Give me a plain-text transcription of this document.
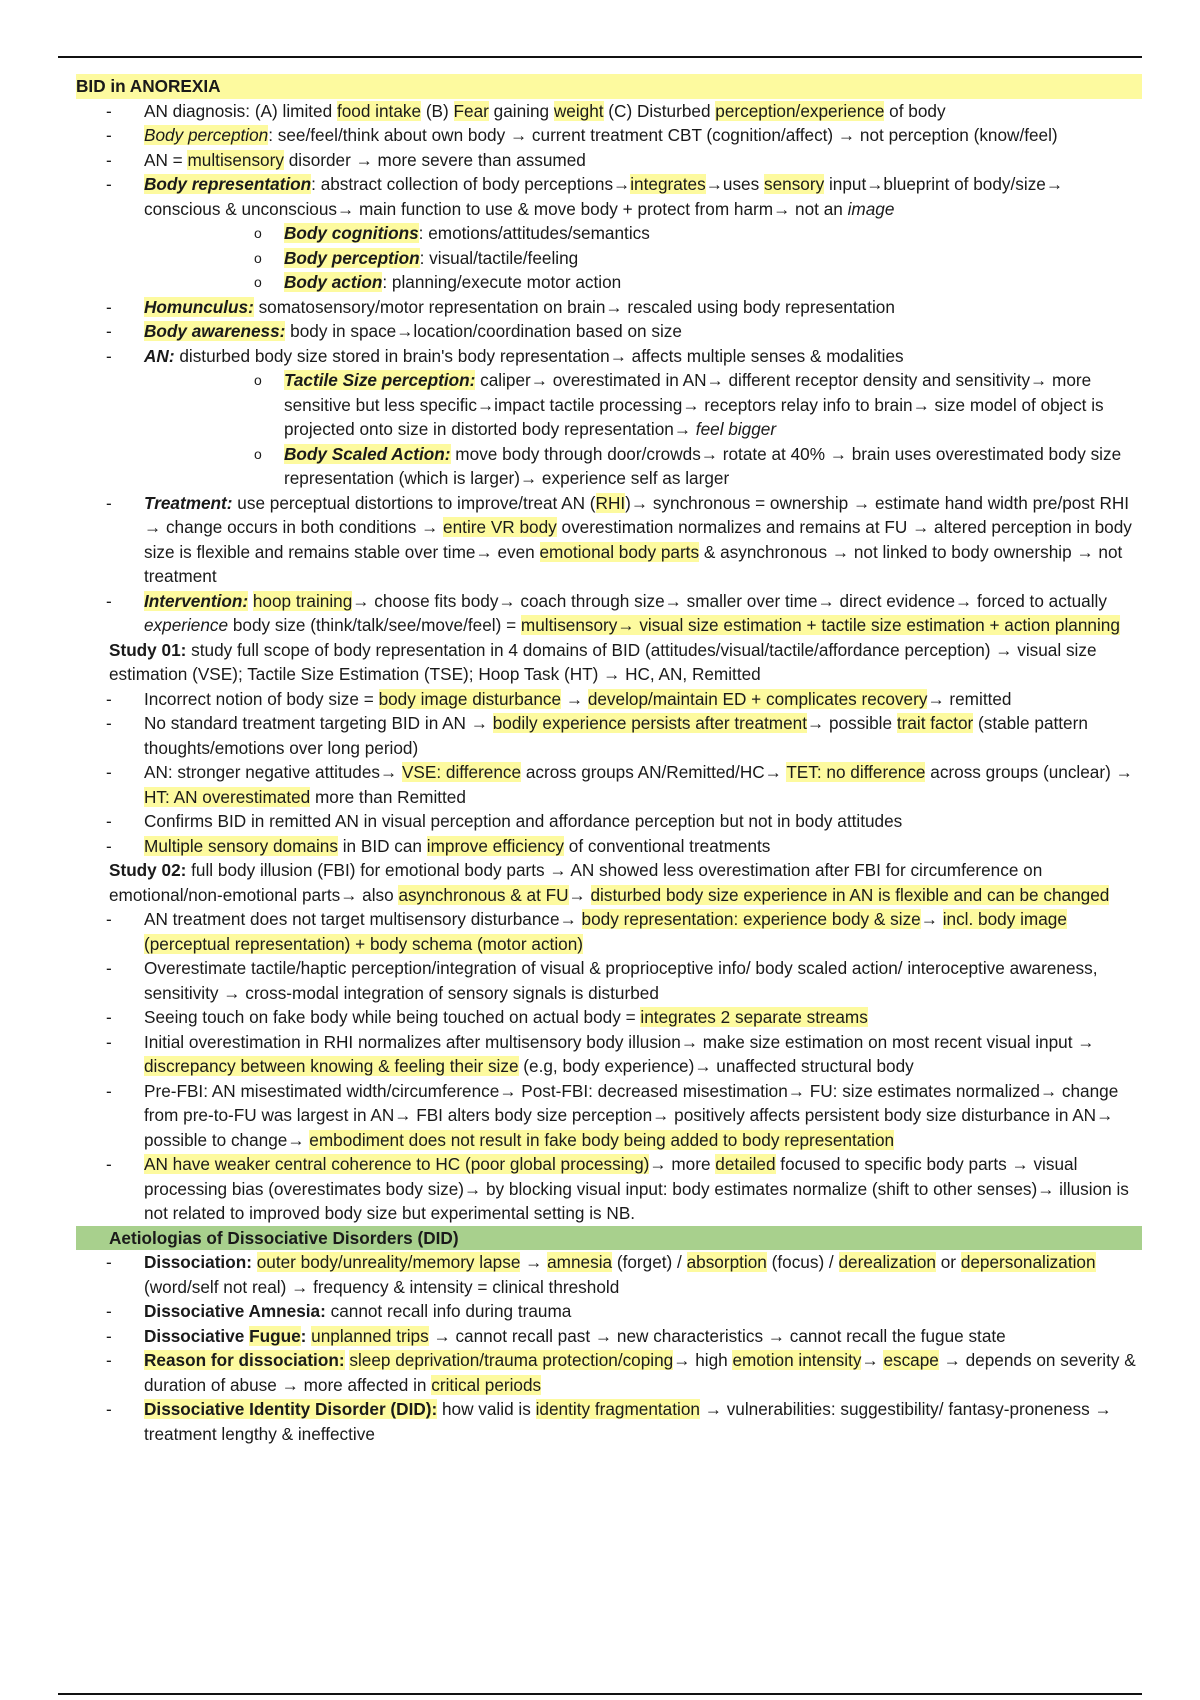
BID in ANOREXIA
- AN diagnosis: (A) limited food intake (B) Fear gaining weight (C) Disturbed perception/experience of body
- Body perception: see/feel/think about own body → current treatment CBT (cognition/affect) → not perception (know/feel)
- AN = multisensory disorder → more severe than assumed
- Body representation: abstract collection of body perceptions→integrates→uses sensory input→blueprint of body/size→ conscious & unconscious→ main function to use & move body + protect from harm→ not an image
o Body cognitions: emotions/attitudes/semantics
o Body perception: visual/tactile/feeling
o Body action: planning/execute motor action
- Homunculus: somatosensory/motor representation on brain→ rescaled using body representation
- Body awareness: body in space→location/coordination based on size
- AN: disturbed body size stored in brain's body representation→ affects multiple senses & modalities
o Tactile Size perception: caliper→ overestimated in AN→ different receptor density and sensitivity→ more sensitive but less specific→impact tactile processing→ receptors relay info to brain→ size model of object is projected onto size in distorted body representation→ feel bigger
o Body Scaled Action: move body through door/crowds→ rotate at 40% → brain uses overestimated body size representation (which is larger)→ experience self as larger
- Treatment: use perceptual distortions to improve/treat AN (RHI)→ synchronous = ownership → estimate hand width pre/post RHI → change occurs in both conditions → entire VR body overestimation normalizes and remains at FU → altered perception in body size is flexible and remains stable over time→ even emotional body parts & asynchronous → not linked to body ownership → not treatment
- Intervention: hoop training→ choose fits body→ coach through size→ smaller over time→ direct evidence→ forced to actually experience body size (think/talk/see/move/feel) = multisensory→ visual size estimation + tactile size estimation + action planning

Study 01: study full scope of body representation in 4 domains of BID (attitudes/visual/tactile/affordance perception) → visual size estimation (VSE); Tactile Size Estimation (TSE); Hoop Task (HT) → HC, AN, Remitted

- Incorrect notion of body size = body image disturbance → develop/maintain ED + complicates recovery→ remitted
- No standard treatment targeting BID in AN → bodily experience persists after treatment→ possible trait factor (stable pattern thoughts/emotions over long period)
- AN: stronger negative attitudes→ VSE: difference across groups AN/Remitted/HC→ TET: no difference across groups (unclear) → HT: AN overestimated more than Remitted
- Confirms BID in remitted AN in visual perception and affordance perception but not in body attitudes
- Multiple sensory domains in BID can improve efficiency of conventional treatments

Study 02: full body illusion (FBI) for emotional body parts → AN showed less overestimation after FBI for circumference on emotional/non-emotional parts→ also asynchronous & at FU→ disturbed body size experience in AN is flexible and can be changed

- AN treatment does not target multisensory disturbance→ body representation: experience body & size→ incl. body image (perceptual representation) + body schema (motor action)
- Overestimate tactile/haptic perception/integration of visual & proprioceptive info/ body scaled action/ interoceptive awareness, sensitivity → cross-modal integration of sensory signals is disturbed
- Seeing touch on fake body while being touched on actual body = integrates 2 separate streams
- Initial overestimation in RHI normalizes after multisensory body illusion→ make size estimation on most recent visual input → discrepancy between knowing & feeling their size (e.g, body experience)→ unaffected structural body
- Pre-FBI: AN misestimated width/circumference→ Post-FBI: decreased misestimation→ FU: size estimates normalized→ change from pre-to-FU was largest in AN→ FBI alters body size perception→ positively affects persistent body size disturbance in AN→ possible to change→ embodiment does not result in fake body being added to body representation
- AN have weaker central coherence to HC (poor global processing)→ more detailed focused to specific body parts → visual processing bias (overestimates body size)→ by blocking visual input: body estimates normalize (shift to other senses)→ illusion is not related to improved body size but experimental setting is NB.
Aetiologias of Dissociative Disorders (DID)
- Dissociation: outer body/unreality/memory lapse → amnesia (forget) / absorption (focus) / derealization or depersonalization (word/self not real) → frequency & intensity = clinical threshold
- Dissociative Amnesia: cannot recall info during trauma
- Dissociative Fugue: unplanned trips → cannot recall past → new characteristics → cannot recall the fugue state
- Reason for dissociation: sleep deprivation/trauma protection/coping→ high emotion intensity→ escape → depends on severity & duration of abuse → more affected in critical periods
- Dissociative Identity Disorder (DID): how valid is identity fragmentation → vulnerabilities: suggestibility/ fantasy-proneness → treatment lengthy & ineffective
